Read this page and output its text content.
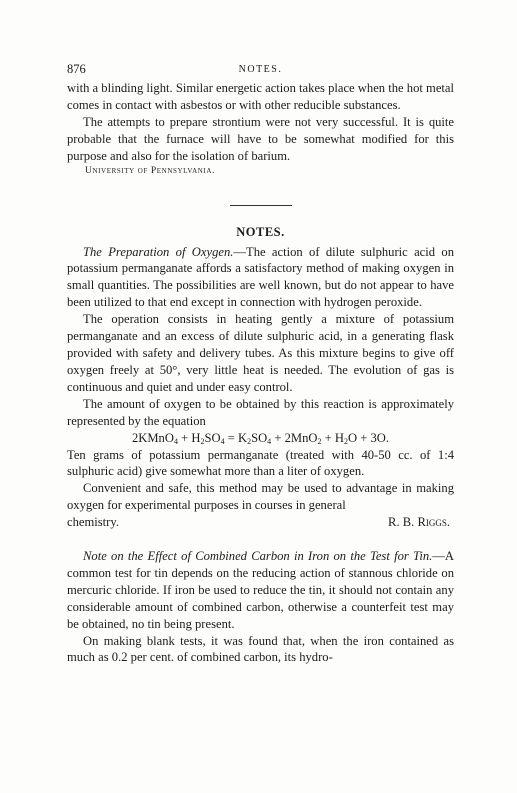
876	NOTES.

with a blinding light. Similar energetic action takes place when the hot metal comes in contact with asbestos or with other reducible substances.

The attempts to prepare strontium were not very successful. It is quite probable that the furnace will have to be somewhat modified for this purpose and also for the isolation of barium.

University of Pennsylvania.
NOTES.

The Preparation of Oxygen.—The action of dilute sulphuric acid on potassium permanganate affords a satisfactory method of making oxygen in small quantities. The possibilities are well known, but do not appear to have been utilized to that end except in connection with hydrogen peroxide.

The operation consists in heating gently a mixture of potassium permanganate and an excess of dilute sulphuric acid, in a generating flask provided with safety and delivery tubes. As this mixture begins to give off oxygen freely at 50°, very little heat is needed. The evolution of gas is continuous and quiet and under easy control.

The amount of oxygen to be obtained by this reaction is approximately represented by the equation

2KMnO$_4$ + $H_2SO_4 = K_2SO_4 + 2MnO_2 + H_2O + 3O$.

Ten grams of potassium permanganate (treated with 40-50 cc. of 1:4 sulphuric acid) give somewhat more than a liter of oxygen.

Convenient and safe, this method may be used to advantage in making oxygen for experimental purposes in courses in general

chemistry.	R. B. Riggs.

Note on the Effect of Combined Carbon in Iron on the Test for Tin.—A common test for tin depends on the reducing action of stannous chloride on mercuric chloride. If iron be used to reduce the tin, it should not contain any considerable amount of combined carbon, otherwise a counterfeit test may be obtained, no tin being present.

On making blank tests, it was found that, when the iron contained as much as 0.2 per cent. of combined carbon, its hydro-
